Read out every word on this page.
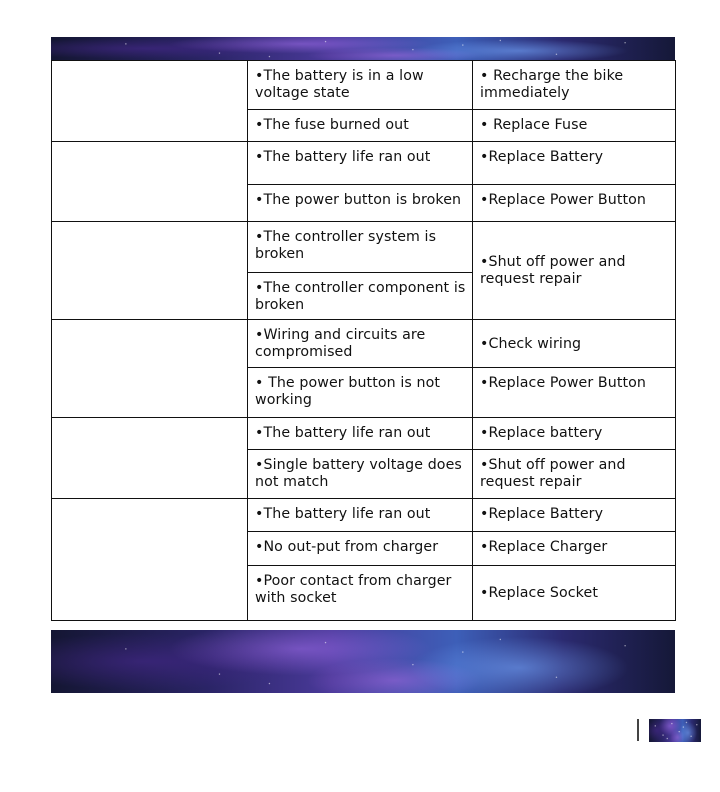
	•The battery is in a low voltage state	• Recharge the bike immediately
	•The fuse burned out	• Replace Fuse
	•The battery life ran out	•Replace Battery
	•The power button is broken	•Replace Power Button
	•The controller system is broken	•Shut off power and request repair
	•The controller component is broken	
	•Wiring and circuits are compromised	•Check wiring
	• The power button is not working	•Replace Power Button
	•The battery life ran out	•Replace battery
	•Single battery voltage does not match	•Shut off power and request repair
	•The battery life ran out	•Replace Battery
	•No out-put from charger	•Replace Charger
	•Poor contact from charger with socket	•Replace Socket
